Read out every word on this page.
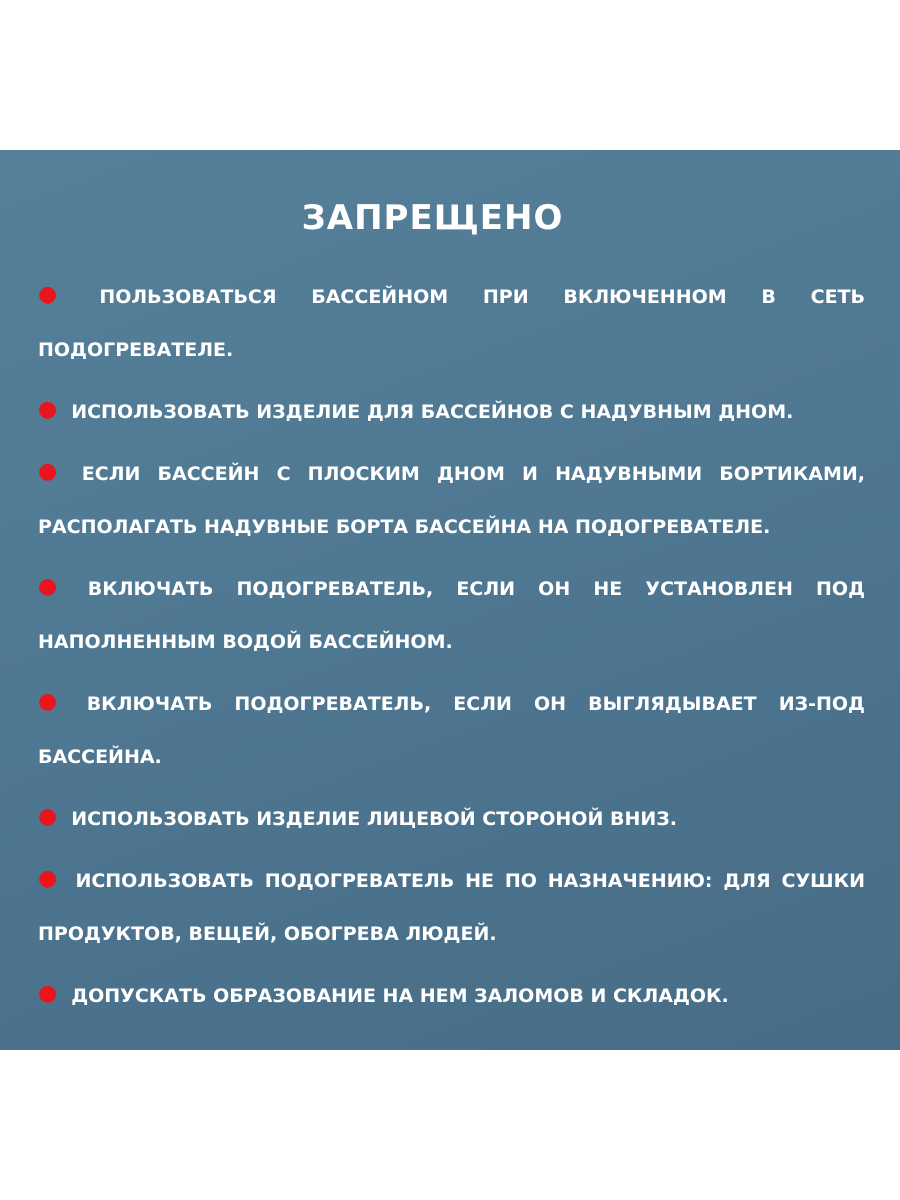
ЗАПРЕЩЕНО
● ПОЛЬЗОВАТЬСЯ БАССЕЙНОМ ПРИ ВКЛЮЧЕННОМ В СЕТЬ ПОДОГРЕВАТЕЛЕ.
● ИСПОЛЬЗОВАТЬ ИЗДЕЛИЕ ДЛЯ БАССЕЙНОВ С НАДУВНЫМ ДНОМ.
● ЕСЛИ БАССЕЙН С ПЛОСКИМ ДНОМ И НАДУВНЫМИ БОРТИКАМИ, РАСПОЛАГАТЬ НАДУВНЫЕ БОРТА БАССЕЙНА НА ПОДОГРЕВАТЕЛЕ.
● ВКЛЮЧАТЬ ПОДОГРЕВАТЕЛЬ, ЕСЛИ ОН НЕ УСТАНОВЛЕН ПОД НАПОЛНЕННЫМ ВОДОЙ БАССЕЙНОМ.
● ВКЛЮЧАТЬ ПОДОГРЕВАТЕЛЬ, ЕСЛИ ОН ВЫГЛЯДЫВАЕТ ИЗ-ПОД БАССЕЙНА.
● ИСПОЛЬЗОВАТЬ ИЗДЕЛИЕ ЛИЦЕВОЙ СТОРОНОЙ ВНИЗ.
● ИСПОЛЬЗОВАТЬ ПОДОГРЕВАТЕЛЬ НЕ ПО НАЗНАЧЕНИЮ: ДЛЯ СУШКИ ПРОДУКТОВ, ВЕЩЕЙ, ОБОГРЕВА ЛЮДЕЙ.
● ДОПУСКАТЬ ОБРАЗОВАНИЕ НА НЕМ ЗАЛОМОВ И СКЛАДОК.
